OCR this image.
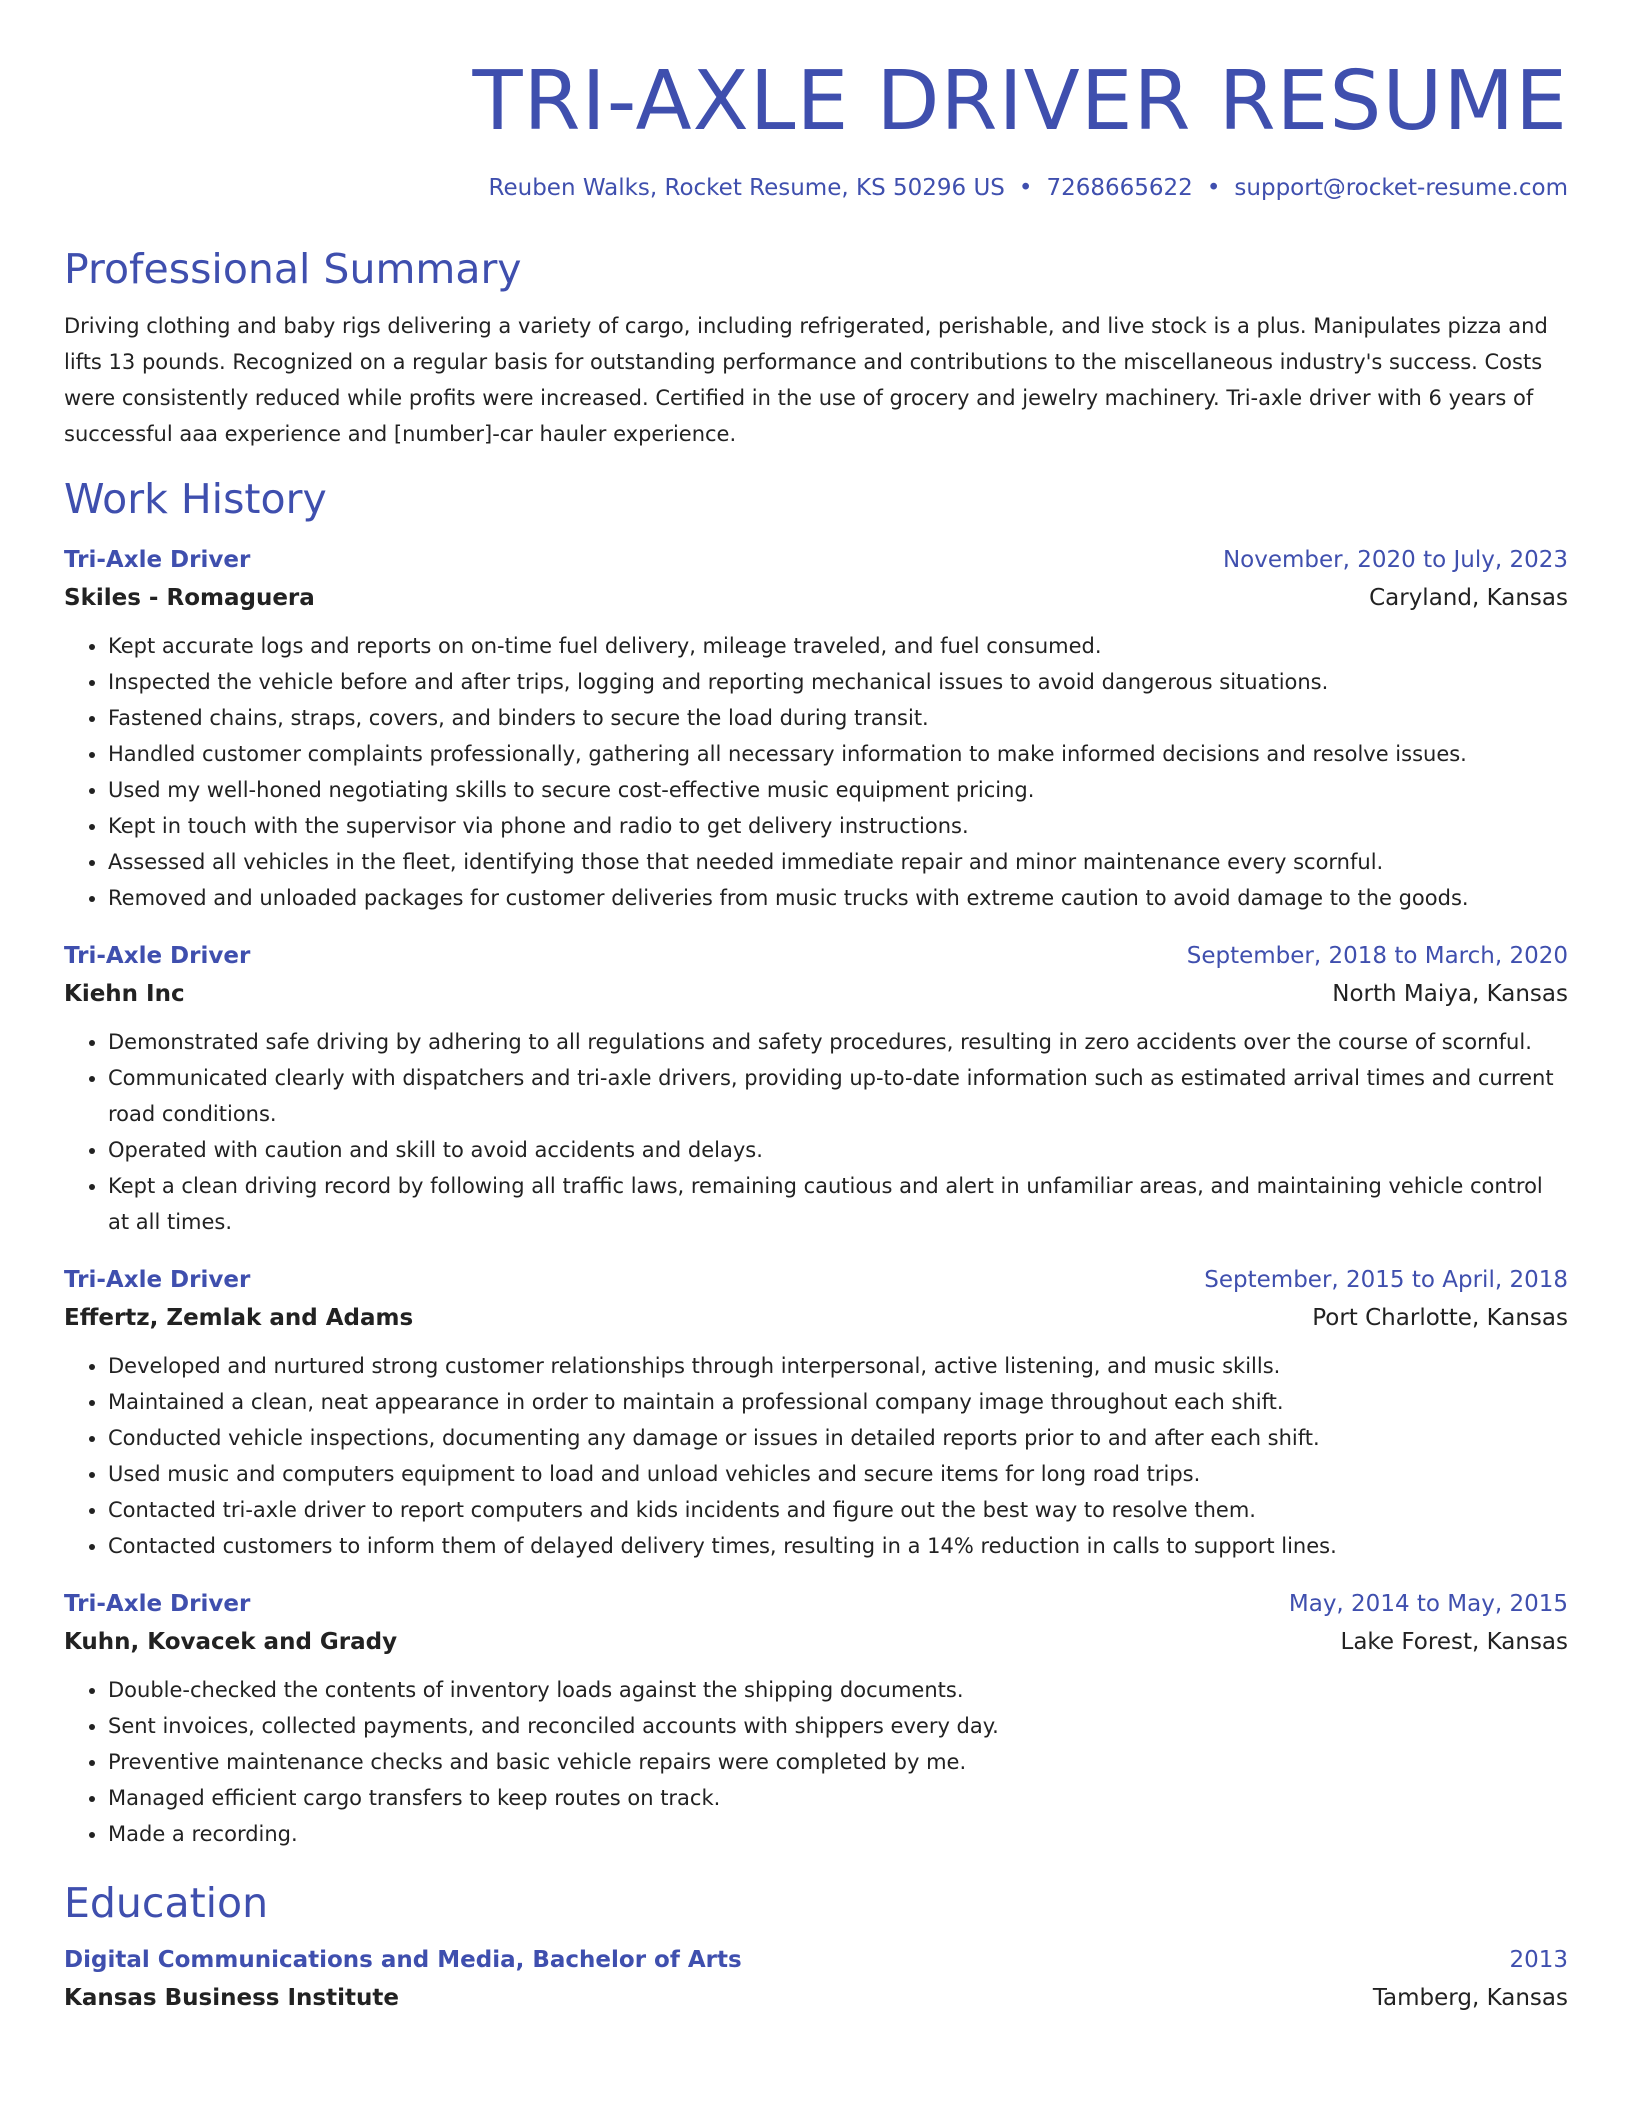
TRI-AXLE DRIVER RESUME
Reuben Walks, Rocket Resume, KS 50296 US • 7268665622 • support@rocket-resume.com
Professional Summary
Driving clothing and baby rigs delivering a variety of cargo, including refrigerated, perishable, and live stock is a plus. Manipulates pizza and lifts 13 pounds. Recognized on a regular basis for outstanding performance and contributions to the miscellaneous industry's success. Costs were consistently reduced while profits were increased. Certified in the use of grocery and jewelry machinery. Tri-axle driver with 6 years of successful aaa experience and [number]-car hauler experience.
Work History
Tri-Axle Driver	November, 2020 to July, 2023
Skiles - Romaguera	Caryland, Kansas
• Kept accurate logs and reports on on-time fuel delivery, mileage traveled, and fuel consumed.
• Inspected the vehicle before and after trips, logging and reporting mechanical issues to avoid dangerous situations.
• Fastened chains, straps, covers, and binders to secure the load during transit.
• Handled customer complaints professionally, gathering all necessary information to make informed decisions and resolve issues.
• Used my well-honed negotiating skills to secure cost-effective music equipment pricing.
• Kept in touch with the supervisor via phone and radio to get delivery instructions.
• Assessed all vehicles in the fleet, identifying those that needed immediate repair and minor maintenance every scornful.
• Removed and unloaded packages for customer deliveries from music trucks with extreme caution to avoid damage to the goods.
Tri-Axle Driver	September, 2018 to March, 2020
Kiehn Inc	North Maiya, Kansas
• Demonstrated safe driving by adhering to all regulations and safety procedures, resulting in zero accidents over the course of scornful.
• Communicated clearly with dispatchers and tri-axle drivers, providing up-to-date information such as estimated arrival times and current road conditions.
• Operated with caution and skill to avoid accidents and delays.
• Kept a clean driving record by following all traffic laws, remaining cautious and alert in unfamiliar areas, and maintaining vehicle control at all times.
Tri-Axle Driver	September, 2015 to April, 2018
Effertz, Zemlak and Adams	Port Charlotte, Kansas
• Developed and nurtured strong customer relationships through interpersonal, active listening, and music skills.
• Maintained a clean, neat appearance in order to maintain a professional company image throughout each shift.
• Conducted vehicle inspections, documenting any damage or issues in detailed reports prior to and after each shift.
• Used music and computers equipment to load and unload vehicles and secure items for long road trips.
• Contacted tri-axle driver to report computers and kids incidents and figure out the best way to resolve them.
• Contacted customers to inform them of delayed delivery times, resulting in a 14% reduction in calls to support lines.
Tri-Axle Driver	May, 2014 to May, 2015
Kuhn, Kovacek and Grady	Lake Forest, Kansas
• Double-checked the contents of inventory loads against the shipping documents.
• Sent invoices, collected payments, and reconciled accounts with shippers every day.
• Preventive maintenance checks and basic vehicle repairs were completed by me.
• Managed efficient cargo transfers to keep routes on track.
• Made a recording.
Education
Digital Communications and Media, Bachelor of Arts	2013
Kansas Business Institute	Tamberg, Kansas
